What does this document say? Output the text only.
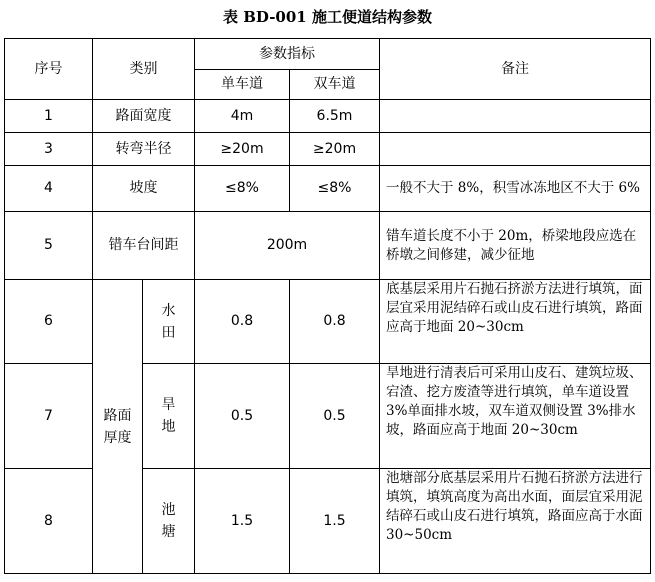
表 BD-001 施工便道结构参数
序号	类别		参数指标		备注
			单车道	双车道	
1	路面宽度		4m	6.5m	
3	转弯半径		≥20m	≥20m	
4	坡度		≤8%	≤8%	一般不大于 8%，积雪冰冻地区不大于 6%
5	错车台间距		200m		错车道长度不小于 20m，桥梁地段应选在桥墩之间修建，减少征地
6	路面厚度	水田	0.8	0.8	底基层采用片石抛石挤淤方法进行填筑，面层宜采用泥结碎石或山皮石进行填筑，路面应高于地面 20~30cm
7		旱地	0.5	0.5	旱地进行清表后可采用山皮石、建筑垃圾、宕渣、挖方废渣等进行填筑，单车道设置 3%单面排水坡，双车道双侧设置 3%排水坡，路面应高于地面 20~30cm
8		池塘	1.5	1.5	池塘部分底基层采用片石抛石挤淤方法进行填筑，填筑高度为高出水面，面层宜采用泥结碎石或山皮石进行填筑，路面应高于水面 30~50cm
